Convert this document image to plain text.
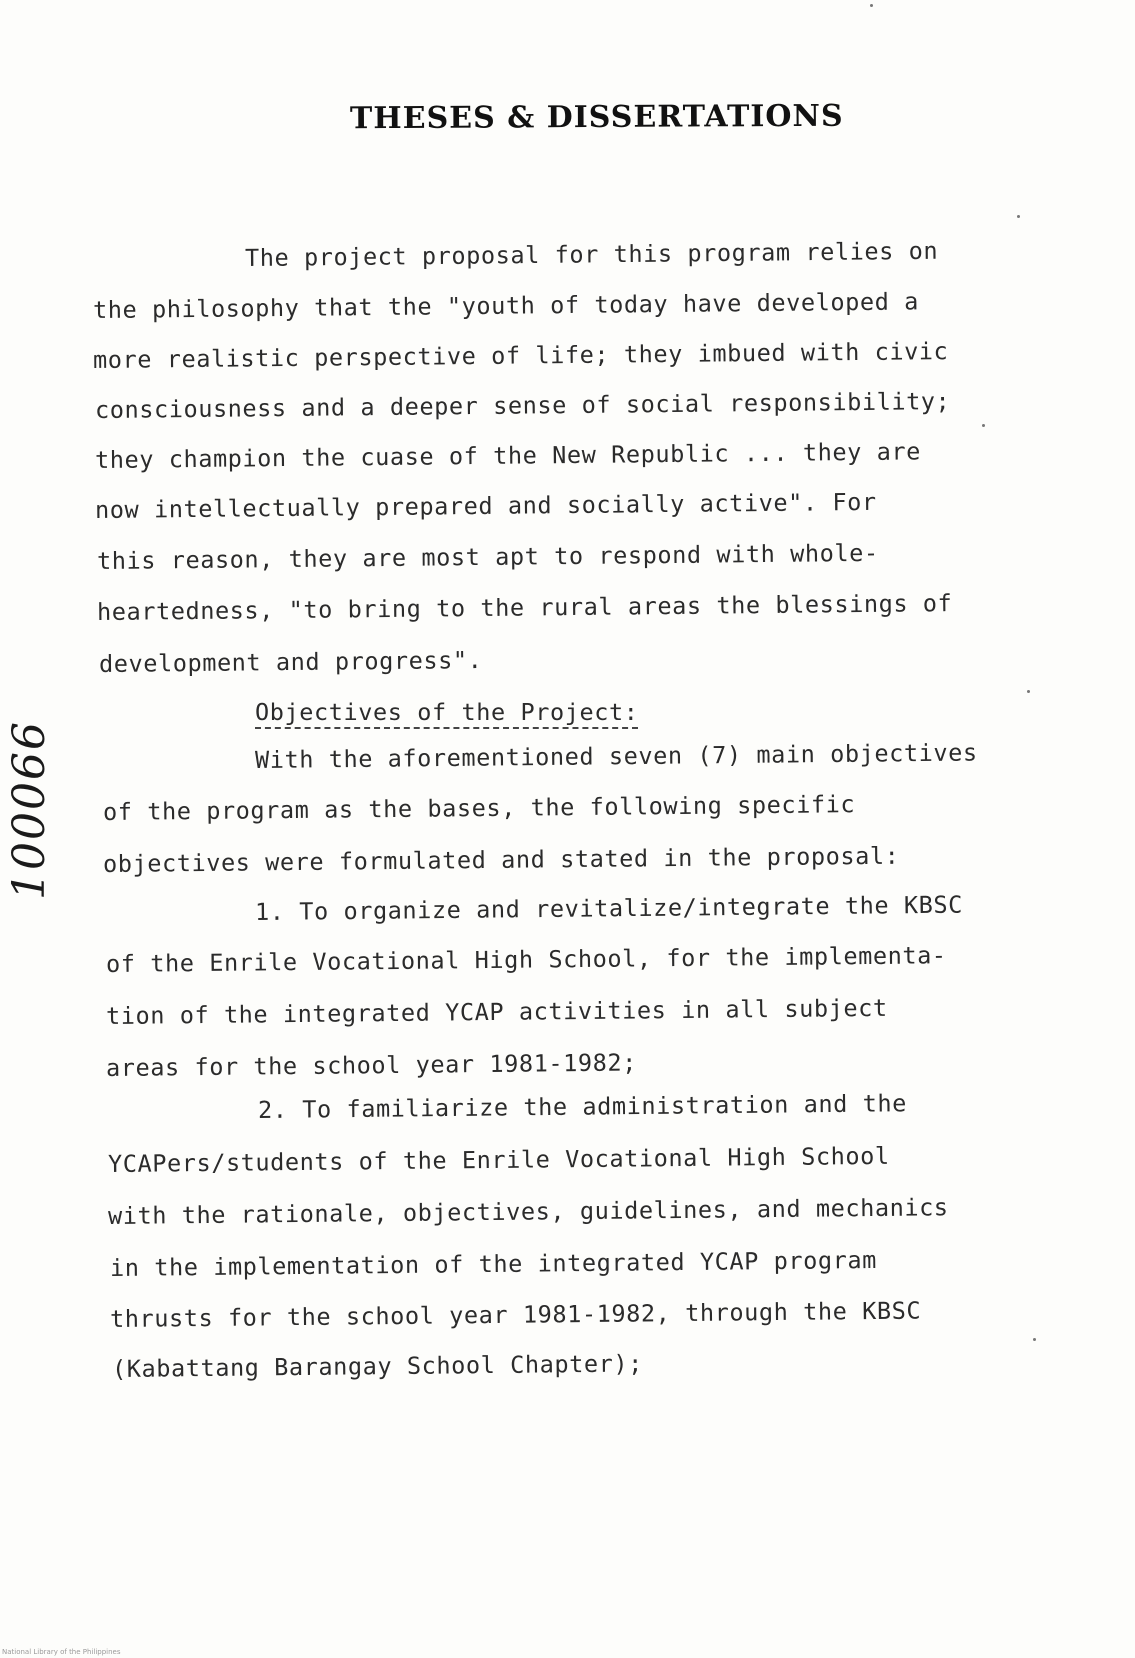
THESES & DISSERTATIONS
100066
The project proposal for this program relies on
the philosophy that the "youth of today have developed a
more realistic perspective of life; they imbued with civic
consciousness and a deeper sense of social responsibility;
they champion the cuase of the New Republic ... they are
now intellectually prepared and socially active". For
this reason, they are most apt to respond with whole-
heartedness, "to bring to the rural areas the blessings of
development and progress".
Objectives of the Project:
With the aforementioned seven (7) main objectives
of the program as the bases, the following specific
objectives were formulated and stated in the proposal:
1. To organize and revitalize/integrate the KBSC
of the Enrile Vocational High School, for the implementa-
tion of the integrated YCAP activities in all subject
areas for the school year 1981-1982;
2. To familiarize the administration and the
YCAPers/students of the Enrile Vocational High School
with the rationale, objectives, guidelines, and mechanics
in the implementation of the integrated YCAP program
thrusts for the school year 1981-1982, through the KBSC
(Kabattang Barangay School Chapter);
National Library of the Philippines
